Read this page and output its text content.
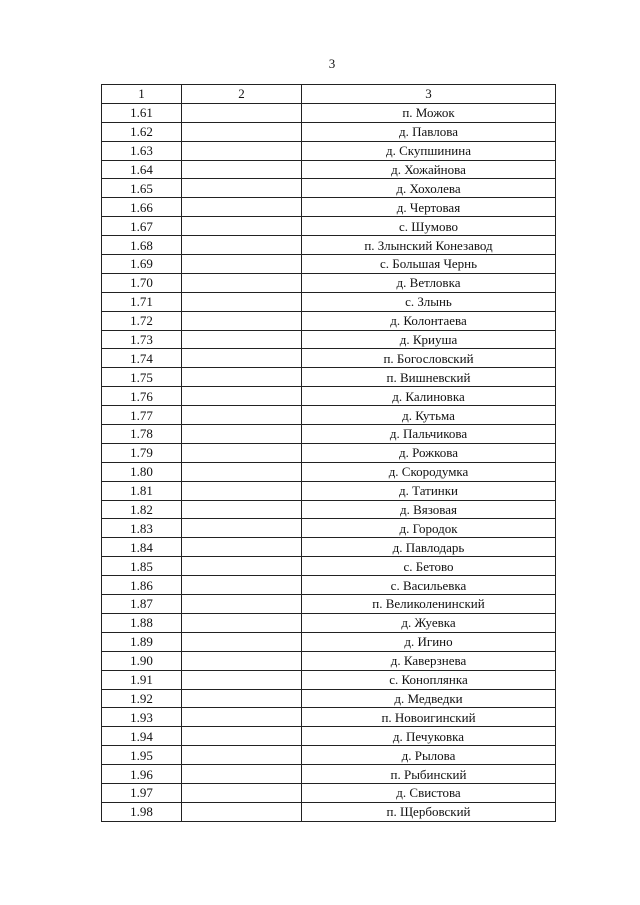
3
1	2	3
1.61		п. Можок
1.62		д. Павлова
1.63		д. Скупшинина
1.64		д. Хожайнова
1.65		д. Хохолева
1.66		д. Чертовая
1.67		с. Шумово
1.68		п. Злынский Конезавод
1.69		с. Большая Чернь
1.70		д. Ветловка
1.71		с. Злынь
1.72		д. Колонтаева
1.73		д. Криуша
1.74		п. Богословский
1.75		п. Вишневский
1.76		д. Калиновка
1.77		д. Кутьма
1.78		д. Пальчикова
1.79		д. Рожкова
1.80		д. Скородумка
1.81		д. Татинки
1.82		д. Вязовая
1.83		д. Городок
1.84		д. Павлодарь
1.85		с. Бетово
1.86		с. Васильевка
1.87		п. Великоленинский
1.88		д. Жуевка
1.89		д. Игино
1.90		д. Каверзнева
1.91		с. Коноплянка
1.92		д. Медведки
1.93		п. Новоигинский
1.94		д. Печуковка
1.95		д. Рылова
1.96		п. Рыбинский
1.97		д. Свистова
1.98		п. Щербовский
